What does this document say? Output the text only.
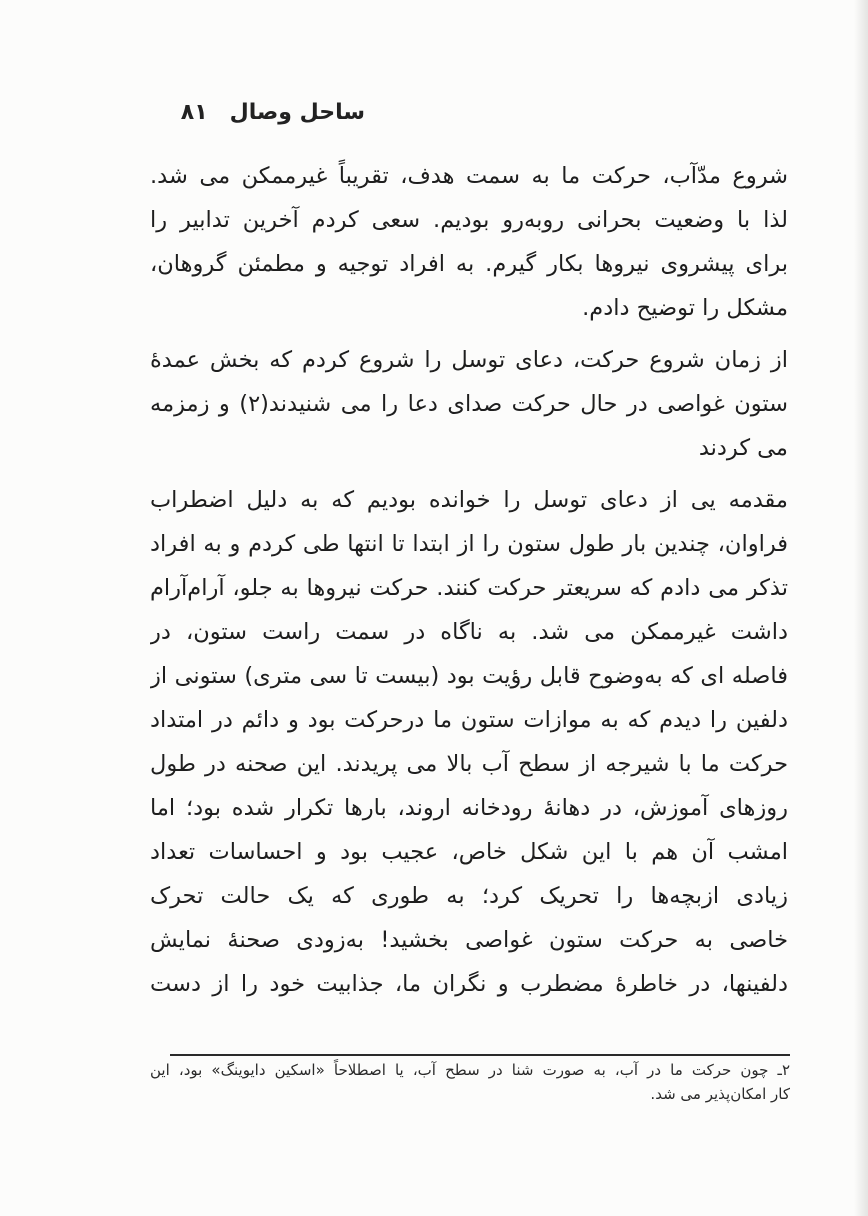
ساحل وصال
۸۱
شروع مدّآب، حرکت ما به سمت هدف، تقریباً غیرممکن می شد.
لذا با وضعیت بحرانی روبه‌رو بودیم. سعی کردم آخرین تدابیر را
برای پیشروی نیروها بکار گیرم. به افراد توجیه و مطمئن گروهان،
مشکل را توضیح دادم.
از زمان شروع حرکت، دعای توسل را شروع کردم که بخش عمدۀ
ستون غواصی در حال حرکت صدای دعا را می شنیدند(۲) و زمزمه
می کردند
مقدمه یی از دعای توسل را خوانده بودیم که به دلیل اضطراب
فراوان، چندین بار طول ستون را از ابتدا تا انتها طی کردم و به افراد
تذکر می دادم که سریعتر حرکت کنند. حرکت نیروها به جلو، آرام‌آرام
داشت غیرممکن می شد. به ناگاه در سمت راست ستون، در
فاصله ای که به‌وضوح قابل رؤیت بود (بیست تا سی متری) ستونی از
دلفین را دیدم که به موازات ستون ما درحرکت بود و دائم در امتداد
حرکت ما با شیرجه از سطح آب بالا می پریدند. این صحنه در طول
روزهای آموزش، در دهانۀ رودخانه اروند، بارها تکرار شده بود؛ اما
امشب آن هم با این شکل خاص، عجیب بود و احساسات تعداد
زیادی ازبچه‌ها را تحریک کرد؛ به طوری که یک حالت تحرک
خاصی به حرکت ستون غواصی بخشید! به‌زودی صحنۀ نمایش
دلفینها، در خاطرۀ مضطرب و نگران ما، جذابیت خود را از دست
۲ـ چون حرکت ما در آب، به صورت شنا در سطح آب، یا اصطلاحاً «اسکین دایوینگ» بود، این
کار امکان‌پذیر می شد.
